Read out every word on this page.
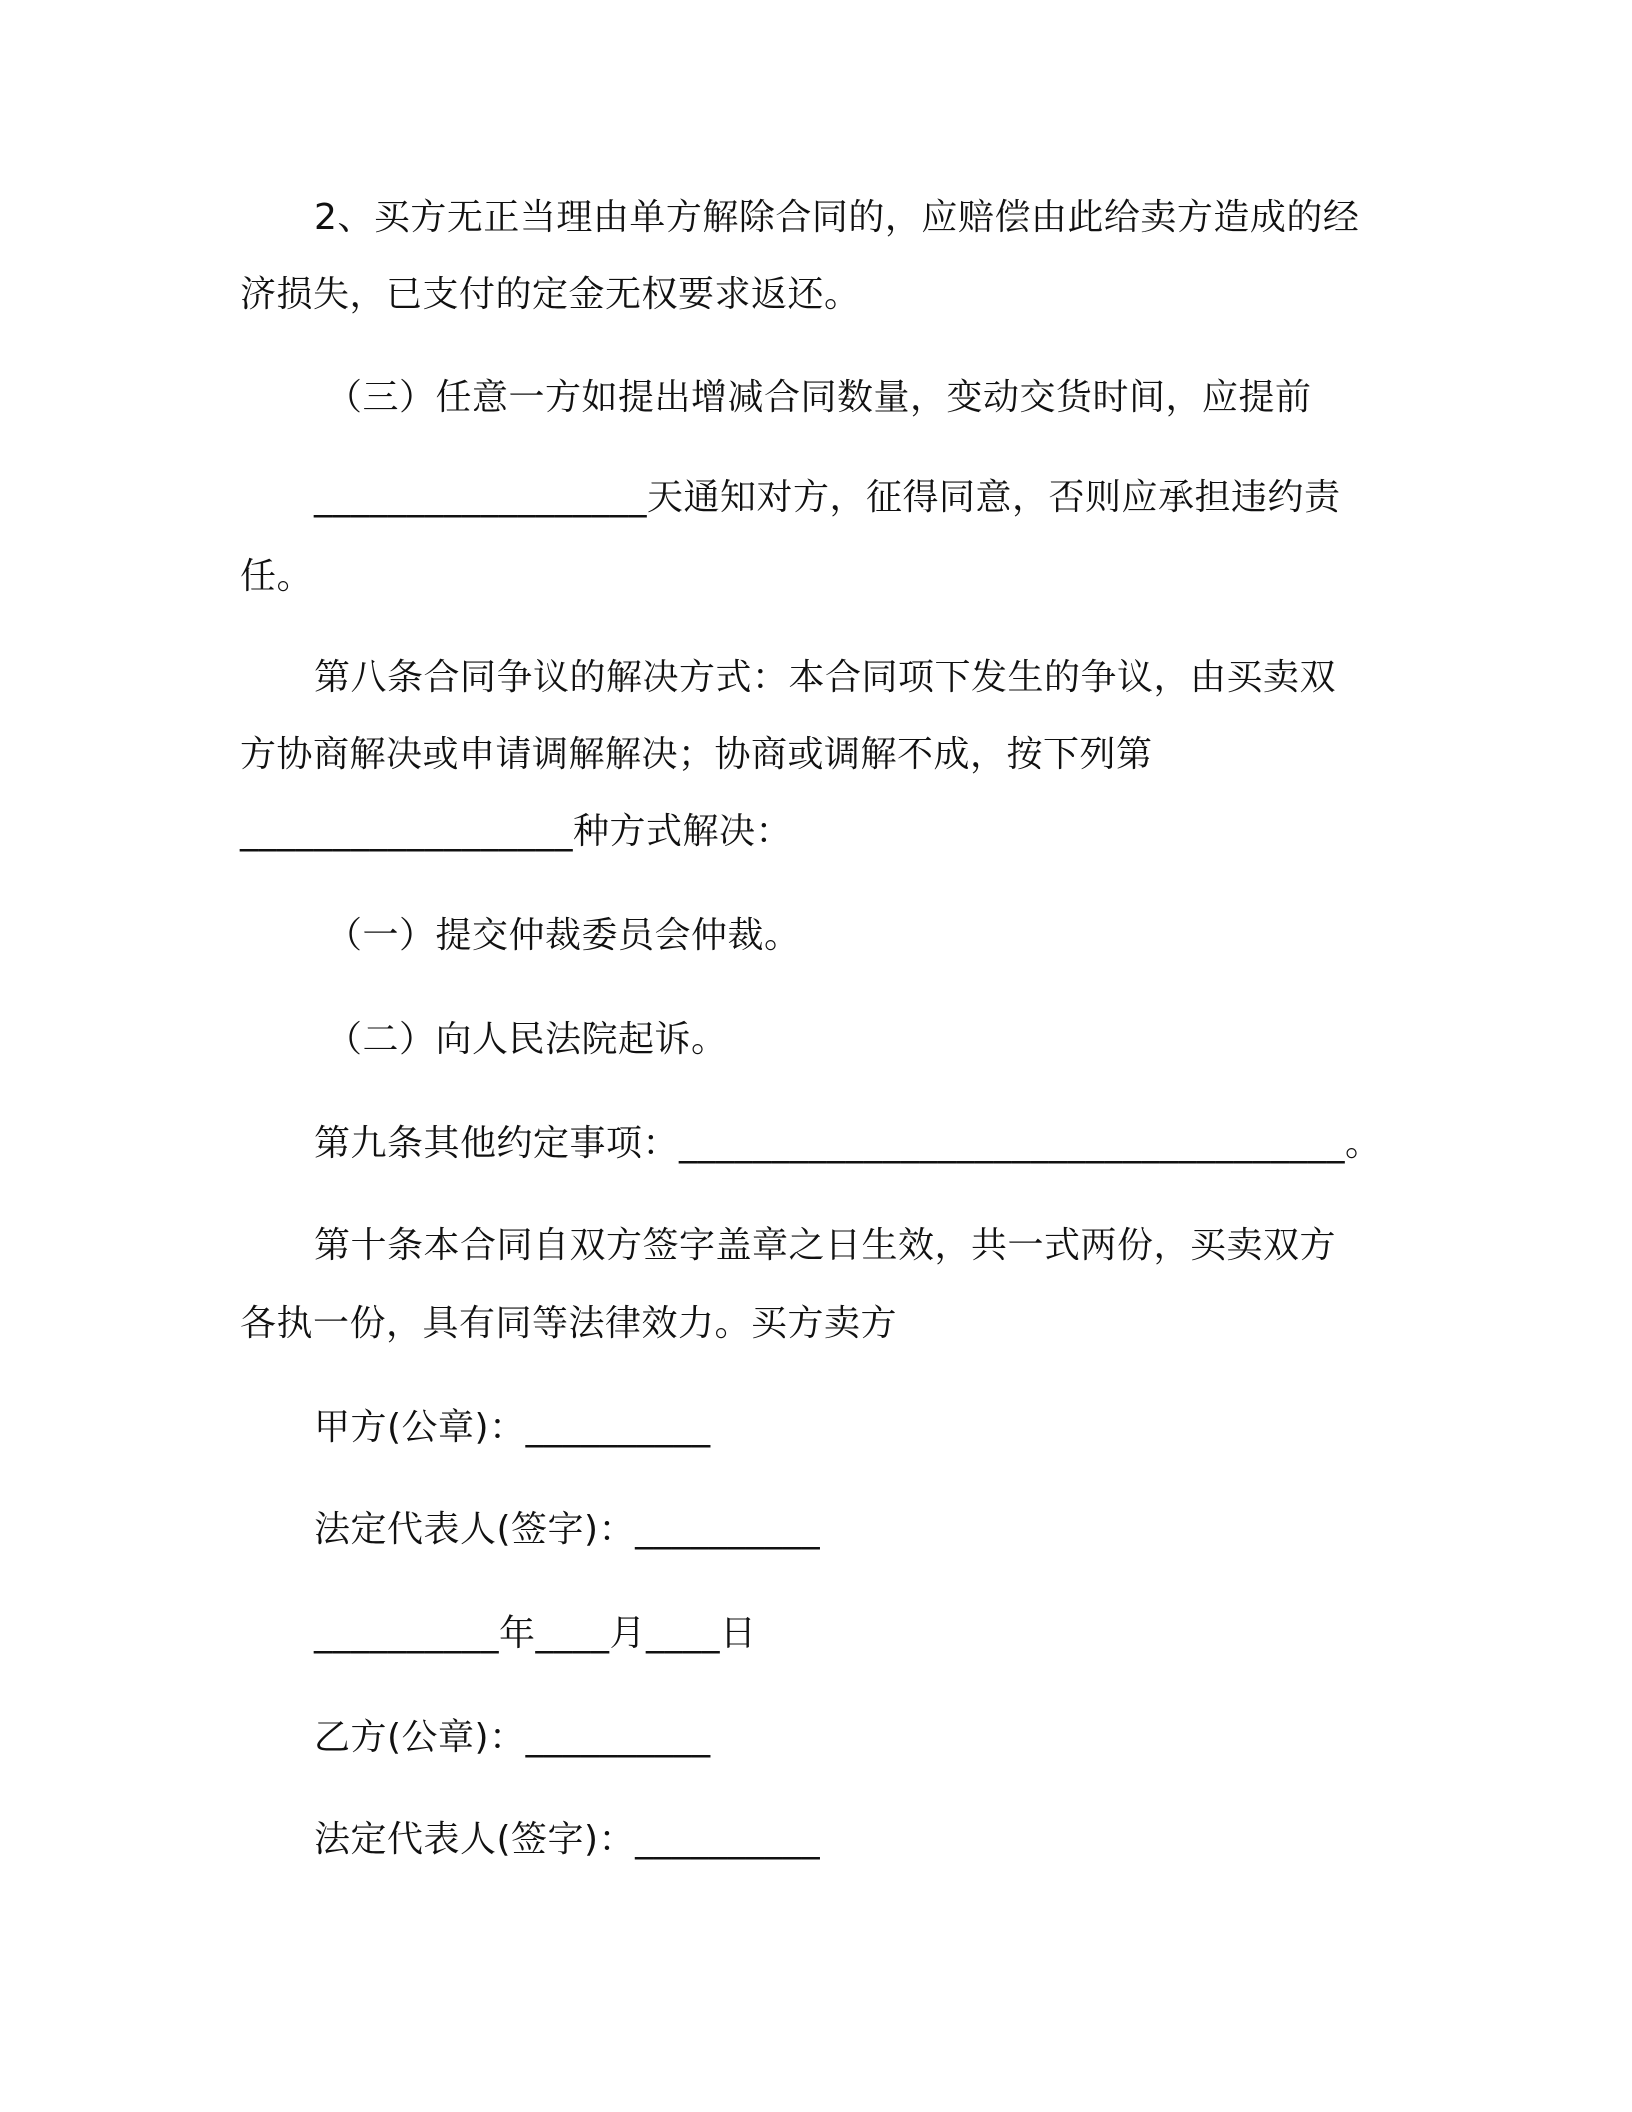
2、买方无正当理由单方解除合同的，应赔偿由此给卖方造成的经
济损失，已支付的定金无权要求返还。
（三）任意一方如提出增减合同数量，变动交货时间，应提前
__________________天通知对方，征得同意，否则应承担违约责
任。
第八条合同争议的解决方式：本合同项下发生的争议，由买卖双
方协商解决或申请调解解决；协商或调解不成，按下列第
__________________种方式解决：
（一）提交仲裁委员会仲裁。
（二）向人民法院起诉。
第九条其他约定事项：____________________________________。
第十条本合同自双方签字盖章之日生效，共一式两份，买卖双方
各执一份，具有同等法律效力。买方卖方
甲方(公章)：__________
法定代表人(签字)：__________
__________年____月____日
乙方(公章)：__________
法定代表人(签字)：__________
